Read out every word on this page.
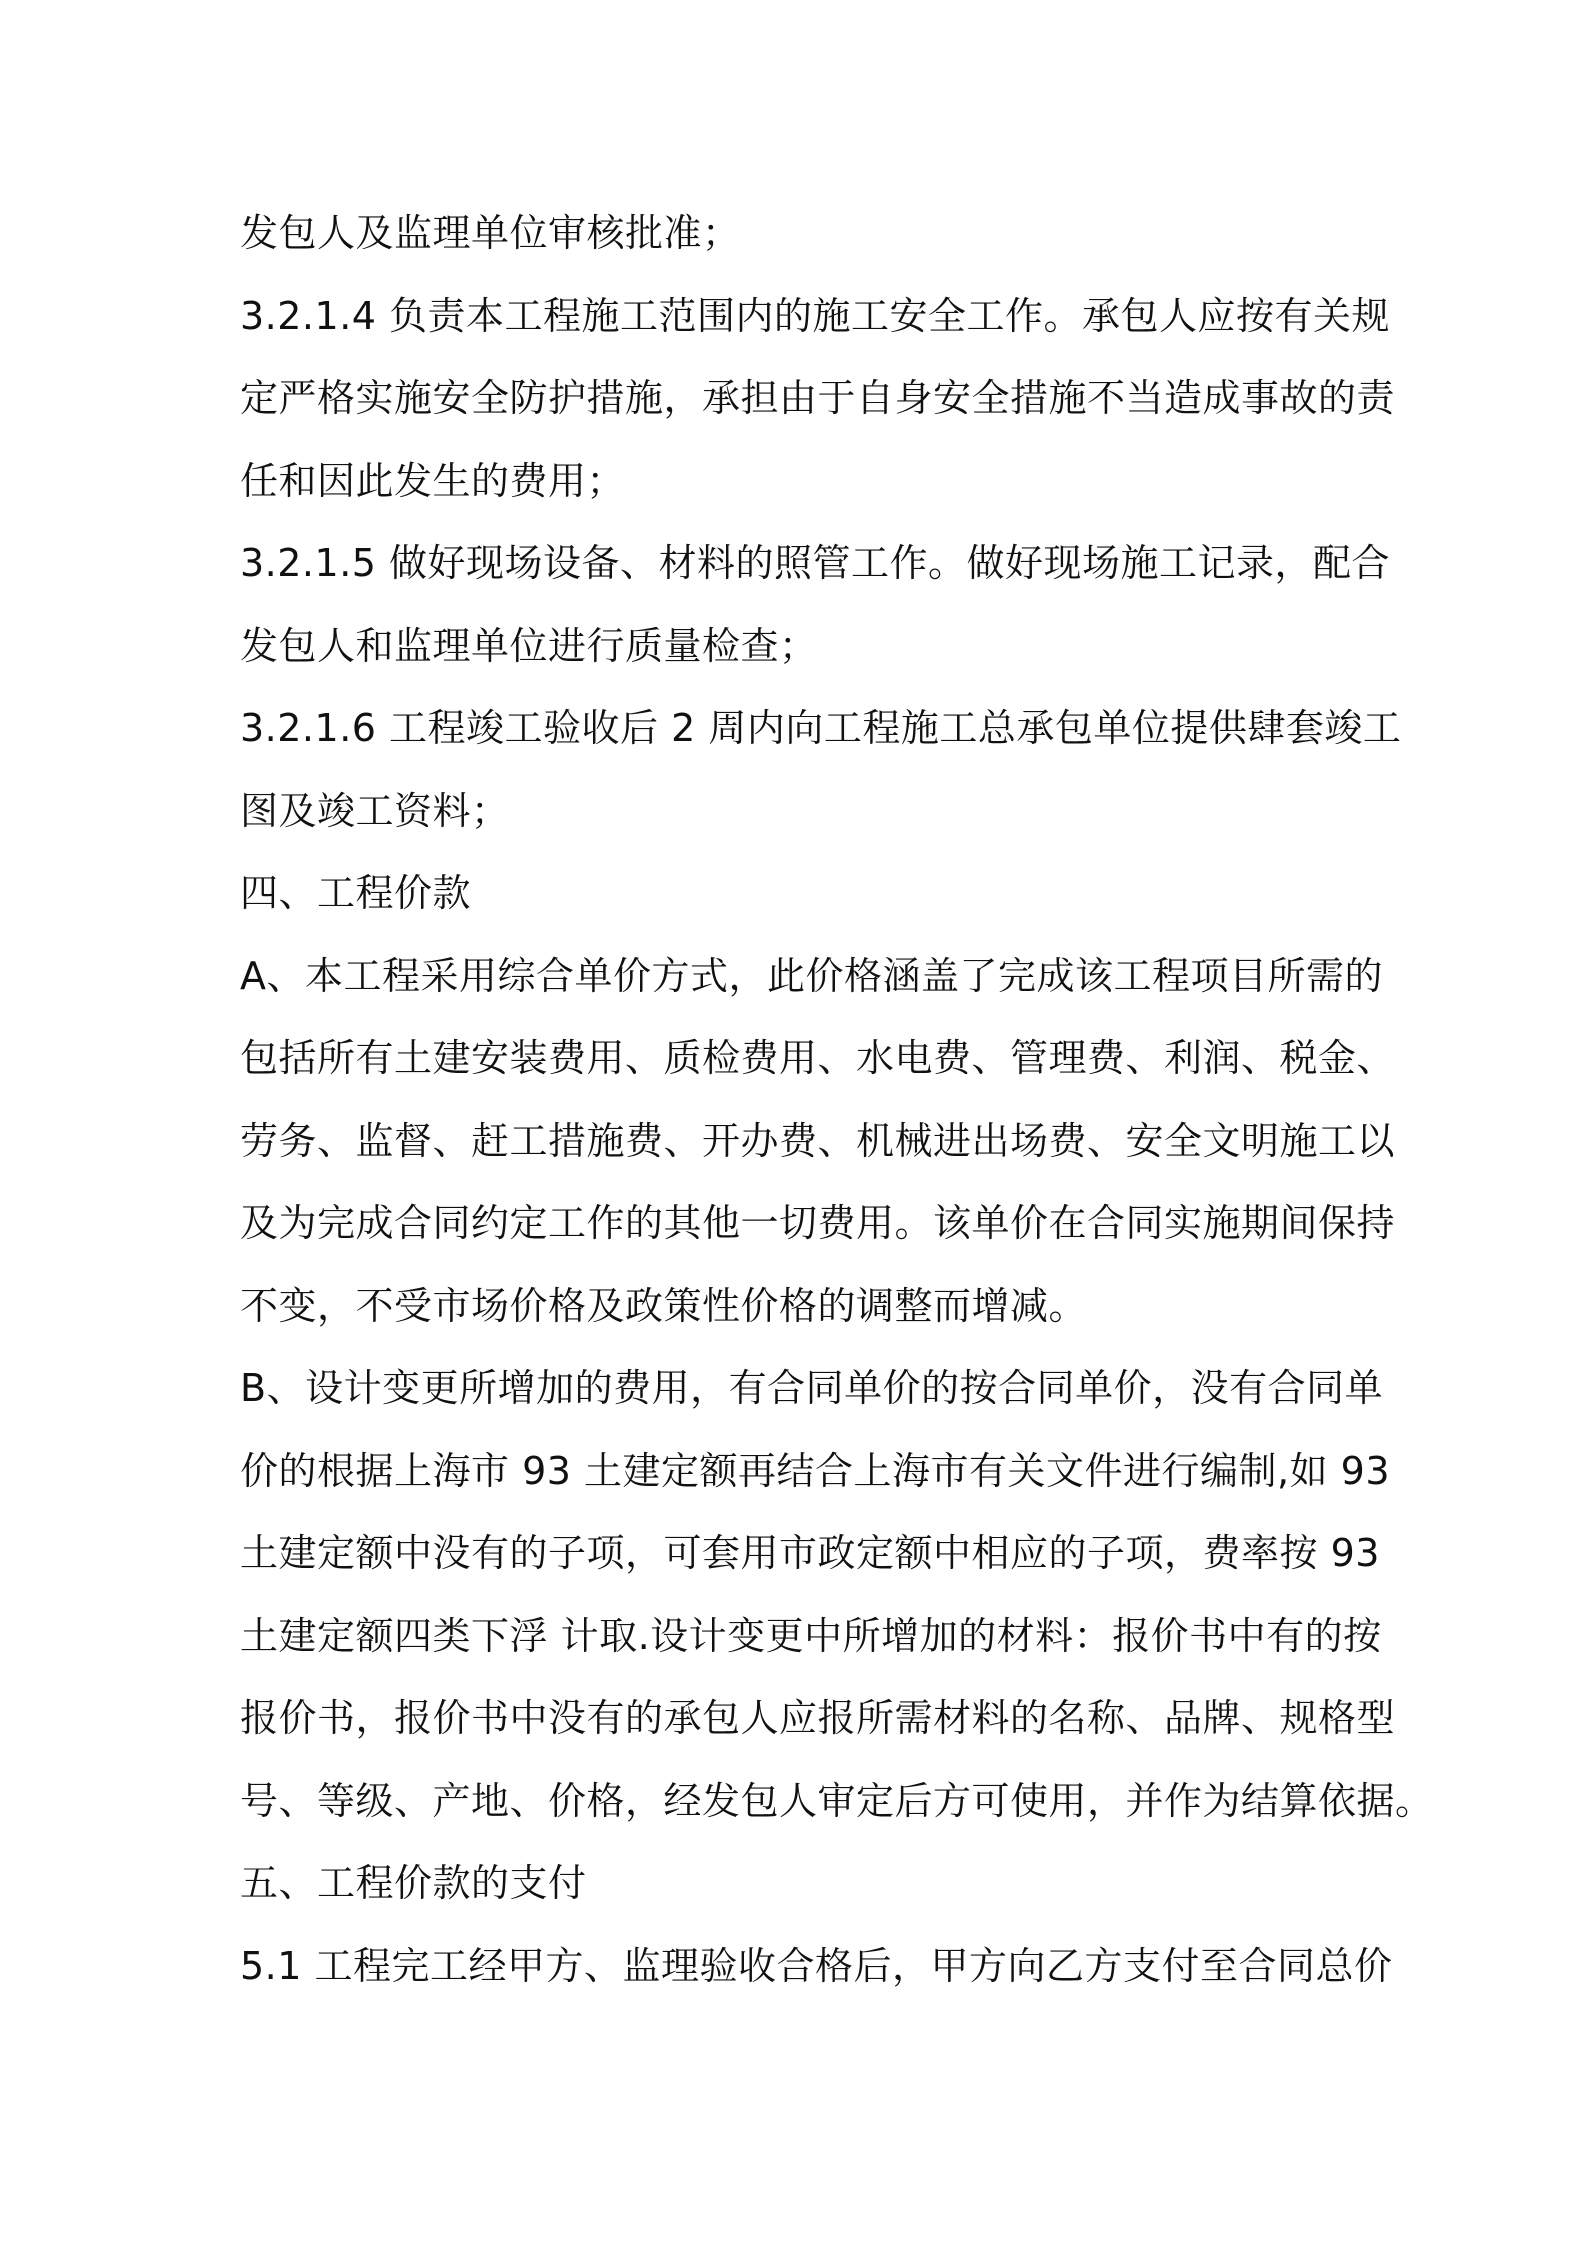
发包人及监理单位审核批准；
3.2.1.4 负责本工程施工范围内的施工安全工作。承包人应按有关规
定严格实施安全防护措施，承担由于自身安全措施不当造成事故的责
任和因此发生的费用；
3.2.1.5 做好现场设备、材料的照管工作。做好现场施工记录，配合
发包人和监理单位进行质量检查；
3.2.1.6 工程竣工验收后 2 周内向工程施工总承包单位提供肆套竣工
图及竣工资料；
四、工程价款
A、本工程采用综合单价方式，此价格涵盖了完成该工程项目所需的
包括所有土建安装费用、质检费用、水电费、管理费、利润、税金、
劳务、监督、赶工措施费、开办费、机械进出场费、安全文明施工以
及为完成合同约定工作的其他一切费用。该单价在合同实施期间保持
不变，不受市场价格及政策性价格的调整而增减。
B、设计变更所增加的费用，有合同单价的按合同单价，没有合同单
价的根据上海市 93 土建定额再结合上海市有关文件进行编制,如 93
土建定额中没有的子项，可套用市政定额中相应的子项，费率按 93
土建定额四类下浮 计取.设计变更中所增加的材料：报价书中有的按
报价书，报价书中没有的承包人应报所需材料的名称、品牌、规格型
号、等级、产地、价格，经发包人审定后方可使用，并作为结算依据。
五、工程价款的支付
5.1 工程完工经甲方、监理验收合格后，甲方向乙方支付至合同总价
